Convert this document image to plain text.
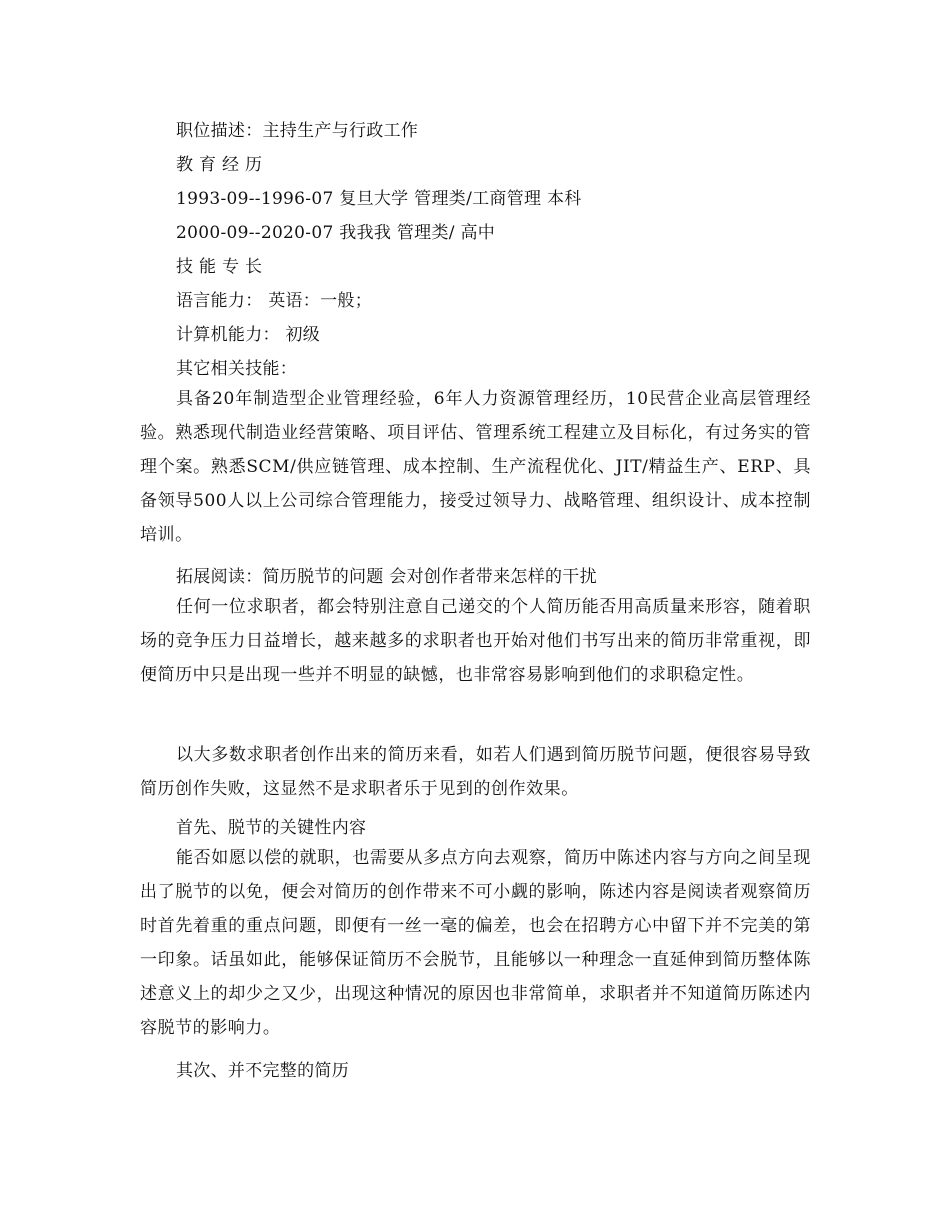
职位描述：主持生产与行政工作
教 育 经 历
1993-09--1996-07 复旦大学 管理类/工商管理 本科
2000-09--2020-07 我我我 管理类/ 高中
技 能 专 长
语言能力： 英语：一般；
计算机能力： 初级
其它相关技能：
具备20年制造型企业管理经验，6年人力资源管理经历，10民营企业高层管理经验。熟悉现代制造业经营策略、项目评估、管理系统工程建立及目标化，有过务实的管理个案。熟悉SCM/供应链管理、成本控制、生产流程优化、JIT/精益生产、ERP、具备领导500人以上公司综合管理能力，接受过领导力、战略管理、组织设计、成本控制培训。
拓展阅读：简历脱节的问题 会对创作者带来怎样的干扰
任何一位求职者，都会特别注意自己递交的个人简历能否用高质量来形容，随着职场的竞争压力日益增长，越来越多的求职者也开始对他们书写出来的简历非常重视，即便简历中只是出现一些并不明显的缺憾，也非常容易影响到他们的求职稳定性。
以大多数求职者创作出来的简历来看，如若人们遇到简历脱节问题，便很容易导致简历创作失败，这显然不是求职者乐于见到的创作效果。
首先、脱节的关键性内容
能否如愿以偿的就职，也需要从多点方向去观察，简历中陈述内容与方向之间呈现出了脱节的以免，便会对简历的创作带来不可小觑的影响，陈述内容是阅读者观察简历时首先着重的重点问题，即便有一丝一毫的偏差，也会在招聘方心中留下并不完美的第一印象。话虽如此，能够保证简历不会脱节，且能够以一种理念一直延伸到简历整体陈述意义上的却少之又少，出现这种情况的原因也非常简单，求职者并不知道简历陈述内容脱节的影响力。
其次、并不完整的简历
